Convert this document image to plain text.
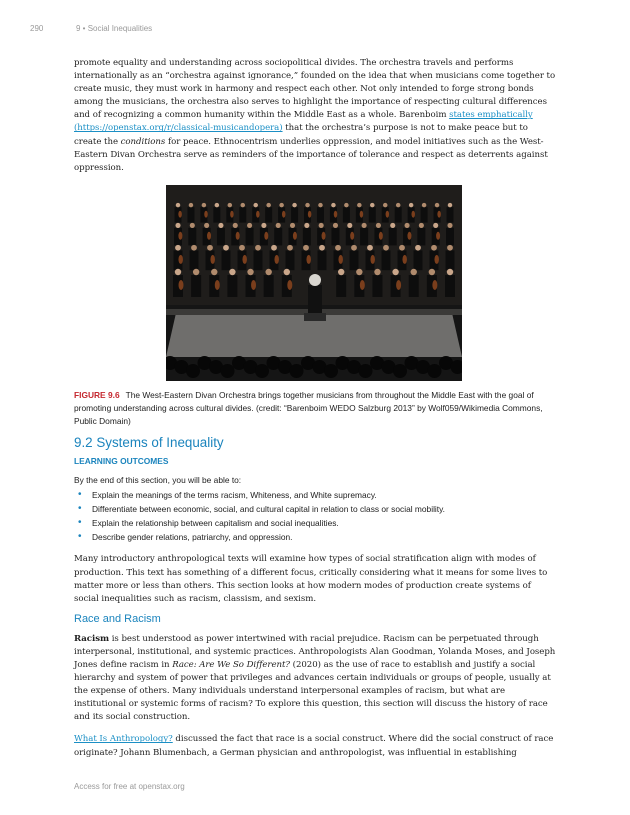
290	9 • Social Inequalities

promote equality and understanding across sociopolitical divides. The orchestra travels and performs internationally as an “orchestra against ignorance,” founded on the idea that when musicians come together to create music, they must work in harmony and respect each other. Not only intended to forge strong bonds among the musicians, the orchestra also serves to highlight the importance of respecting cultural differences and of recognizing a common humanity within the Middle East as a whole. Barenboim states emphatically (https://openstax.org/r/classical-musicandopera) that the orchestra’s purpose is not to make peace but to create the conditions for peace. Ethnocentrism underlies oppression, and model initiatives such as the West-Eastern Divan Orchestra serve as reminders of the importance of tolerance and respect as deterrents against oppression.

FIGURE 9.6 The West-Eastern Divan Orchestra brings together musicians from throughout the Middle East with the goal of promoting understanding across cultural divides. (credit: “Barenboim WEDO Salzburg 2013” by Wolf059/Wikimedia Commons, Public Domain)
9.2 Systems of Inequality
LEARNING OUTCOMES
By the end of this section, you will be able to:
• Explain the meanings of the terms racism, Whiteness, and White supremacy.
• Differentiate between economic, social, and cultural capital in relation to class or social mobility.
• Explain the relationship between capitalism and social inequalities.
• Describe gender relations, patriarchy, and oppression.

Many introductory anthropological texts will examine how types of social stratification align with modes of production. This text has something of a different focus, critically considering what it means for some lives to matter more or less than others. This section looks at how modern modes of production create systems of social inequalities such as racism, classism, and sexism.

Race and Racism

Racism is best understood as power intertwined with racial prejudice. Racism can be perpetuated through interpersonal, institutional, and systemic practices. Anthropologists Alan Goodman, Yolanda Moses, and Joseph Jones define racism in Race: Are We So Different? (2020) as the use of race to establish and justify a social hierarchy and system of power that privileges and advances certain individuals or groups of people, usually at the expense of others. Many individuals understand interpersonal examples of racism, but what are institutional or systemic forms of racism? To explore this question, this section will discuss the history of race and its social construction.

What Is Anthropology? discussed the fact that race is a social construct. Where did the social construct of race originate? Johann Blumenbach, a German physician and anthropologist, was influential in establishing

Access for free at openstax.org
